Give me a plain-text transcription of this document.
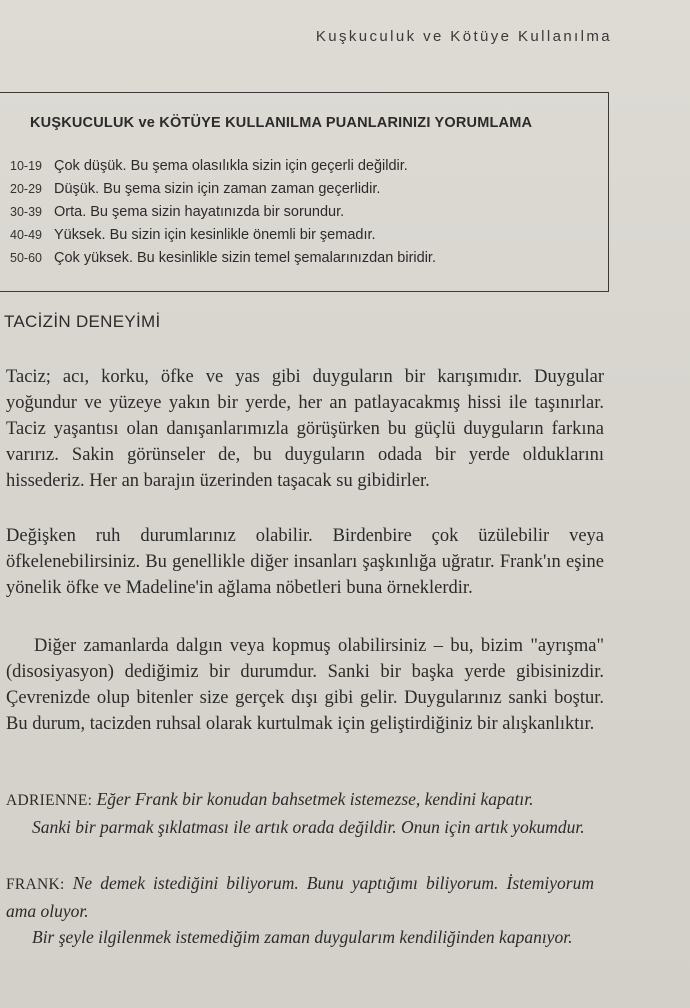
Kuşkuculuk ve Kötüye Kullanılma
KUŞKUCULUK ve KÖTÜYE KULLANILMA PUANLARINIZI YORUMLAMA
10-19 Çok düşük. Bu şema olasılıkla sizin için geçerli değildir.
20-29 Düşük. Bu şema sizin için zaman zaman geçerlidir.
30-39 Orta. Bu şema sizin hayatınızda bir sorundur.
40-49 Yüksek. Bu sizin için kesinlikle önemli bir şemadır.
50-60 Çok yüksek. Bu kesinlikle sizin temel şemalarınızdan biridir.
TACİZİN DENEYİMİ

Taciz; acı, korku, öfke ve yas gibi duyguların bir karışımıdır. Duygular yoğundur ve yüzeye yakın bir yerde, her an patlayacakmış hissi ile taşınırlar. Taciz yaşantısı olan danışanlarımızla görüşürken bu güçlü duyguların farkına varırız. Sakin görünseler de, bu duyguların odada bir yerde olduklarını hissederiz. Her an barajın üzerinden taşacak su gibidirler.

Değişken ruh durumlarınız olabilir. Birdenbire çok üzülebilir veya öfkelenebilirsiniz. Bu genellikle diğer insanları şaşkınlığa uğratır. Frank'ın eşine yönelik öfke ve Madeline'in ağlama nöbetleri buna örneklerdir.

Diğer zamanlarda dalgın veya kopmuş olabilirsiniz – bu, bizim "ayrışma" (disosiyasyon) dediğimiz bir durumdur. Sanki bir başka yerde gibisinizdir. Çevrenizde olup bitenler size gerçek dışı gibi gelir. Duygularınız sanki boştur. Bu durum, tacizden ruhsal olarak kurtulmak için geliştirdiğiniz bir alışkanlıktır.

ADRIENNE: Eğer Frank bir konudan bahsetmek istemezse, kendini kapatır.
Sanki bir parmak şıklatması ile artık orada değildir. Onun için artık yokumdur.
FRANK: Ne demek istediğini biliyorum. Bunu yaptığımı biliyorum. İstemiyorum ama oluyor.
Bir şeyle ilgilenmek istemediğim zaman duygularım kendiliğinden kapanıyor.
